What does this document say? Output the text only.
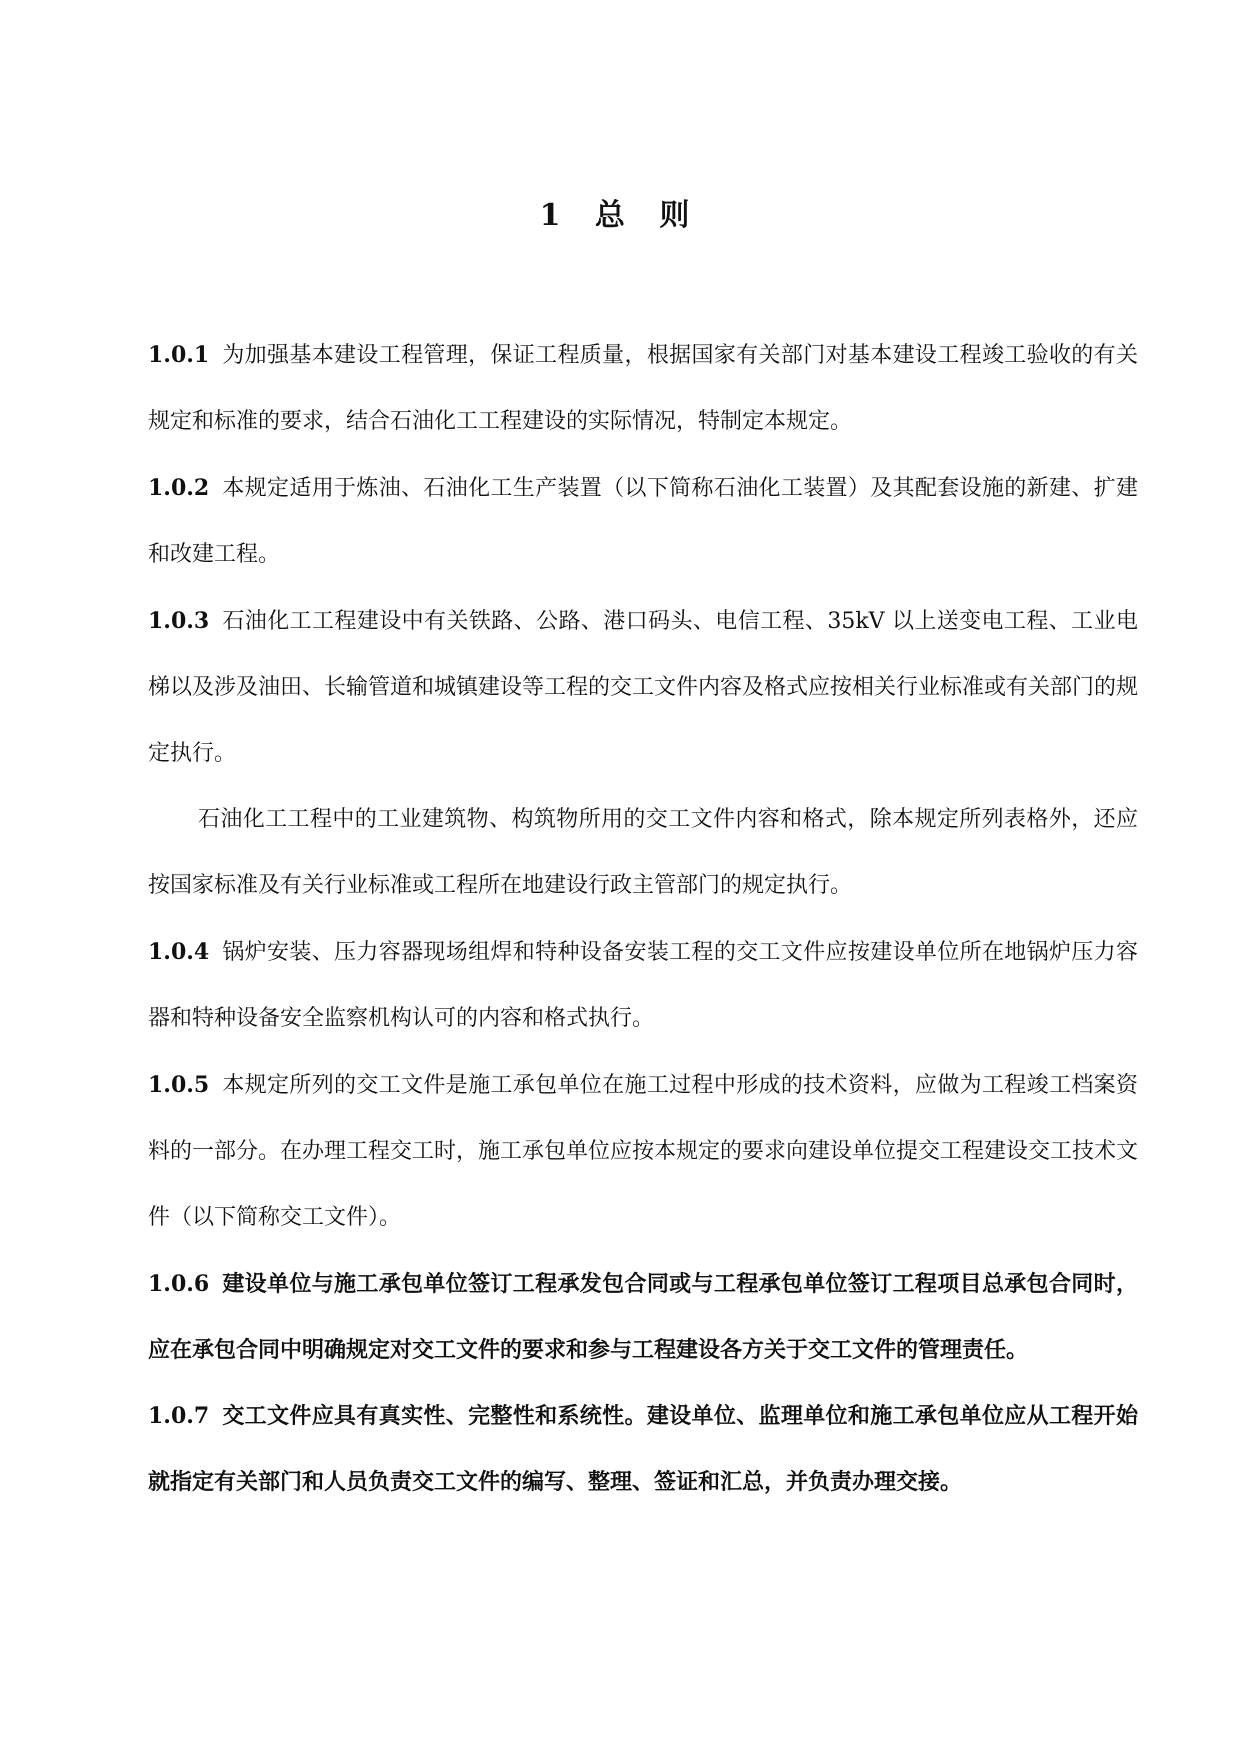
1 总 则

1.0.1 为加强基本建设工程管理，保证工程质量，根据国家有关部门对基本建设工程竣工验收的有关规定和标准的要求，结合石油化工工程建设的实际情况，特制定本规定。

1.0.2 本规定适用于炼油、石油化工生产装置（以下简称石油化工装置）及其配套设施的新建、扩建和改建工程。

1.0.3 石油化工工程建设中有关铁路、公路、港口码头、电信工程、35kV 以上送变电工程、工业电梯以及涉及油田、长输管道和城镇建设等工程的交工文件内容及格式应按相关行业标准或有关部门的规定执行。

石油化工工程中的工业建筑物、构筑物所用的交工文件内容和格式，除本规定所列表格外，还应按国家标准及有关行业标准或工程所在地建设行政主管部门的规定执行。

1.0.4 锅炉安装、压力容器现场组焊和特种设备安装工程的交工文件应按建设单位所在地锅炉压力容器和特种设备安全监察机构认可的内容和格式执行。

1.0.5 本规定所列的交工文件是施工承包单位在施工过程中形成的技术资料，应做为工程竣工档案资料的一部分。在办理工程交工时，施工承包单位应按本规定的要求向建设单位提交工程建设交工技术文件（以下简称交工文件）。

1.0.6 建设单位与施工承包单位签订工程承发包合同或与工程承包单位签订工程项目总承包合同时，应在承包合同中明确规定对交工文件的要求和参与工程建设各方关于交工文件的管理责任。

1.0.7 交工文件应具有真实性、完整性和系统性。建设单位、监理单位和施工承包单位应从工程开始就指定有关部门和人员负责交工文件的编写、整理、签证和汇总，并负责办理交接。
